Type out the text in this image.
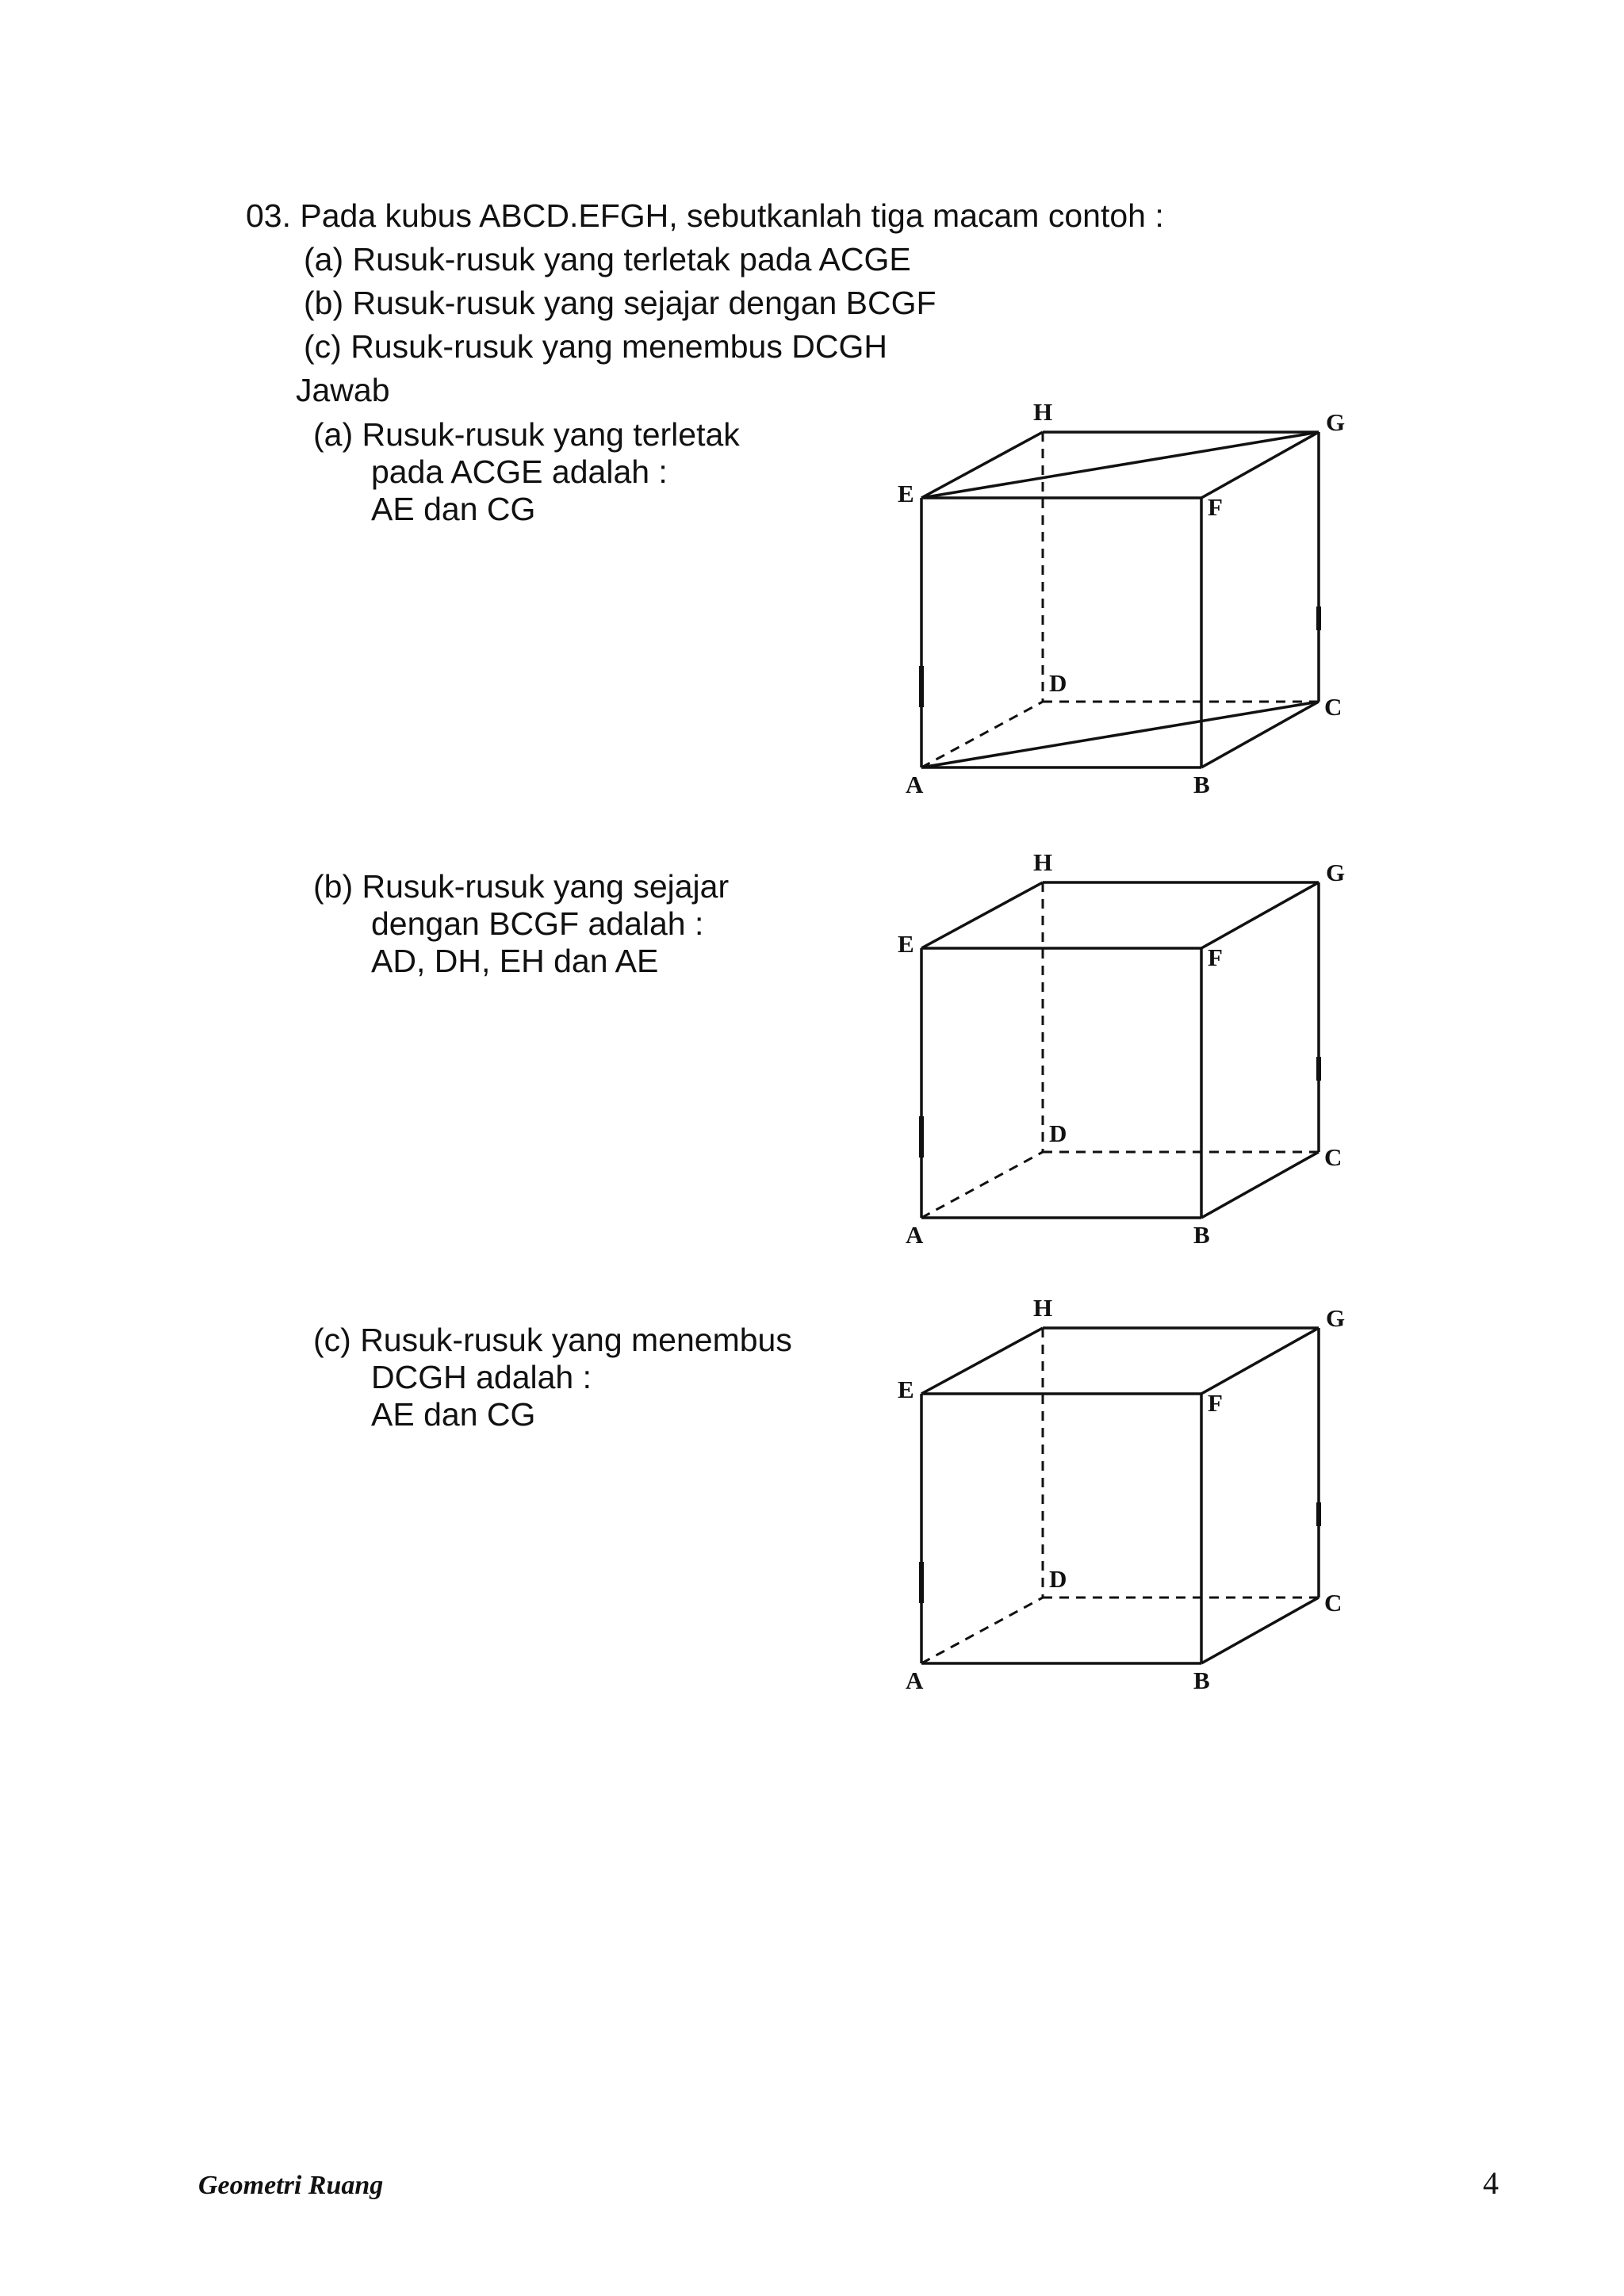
03. Pada kubus ABCD.EFGH, sebutkanlah tiga macam contoh :
(a) Rusuk-rusuk yang terletak pada ACGE
(b) Rusuk-rusuk yang sejajar dengan BCGF
(c) Rusuk-rusuk yang menembus DCGH
Jawab
(a) Rusuk-rusuk yang terletak
pada ACGE adalah :
AE dan CG
(b) Rusuk-rusuk yang sejajar
dengan BCGF adalah :
AD, DH, EH dan AE
(c) Rusuk-rusuk yang menembus
DCGH adalah :
AE dan CG
H	G
E	F
D
C
A	B
H	G
E	F
D
C
A	B
H	G
E	F
D
C
A	B
Geometri Ruang	4
